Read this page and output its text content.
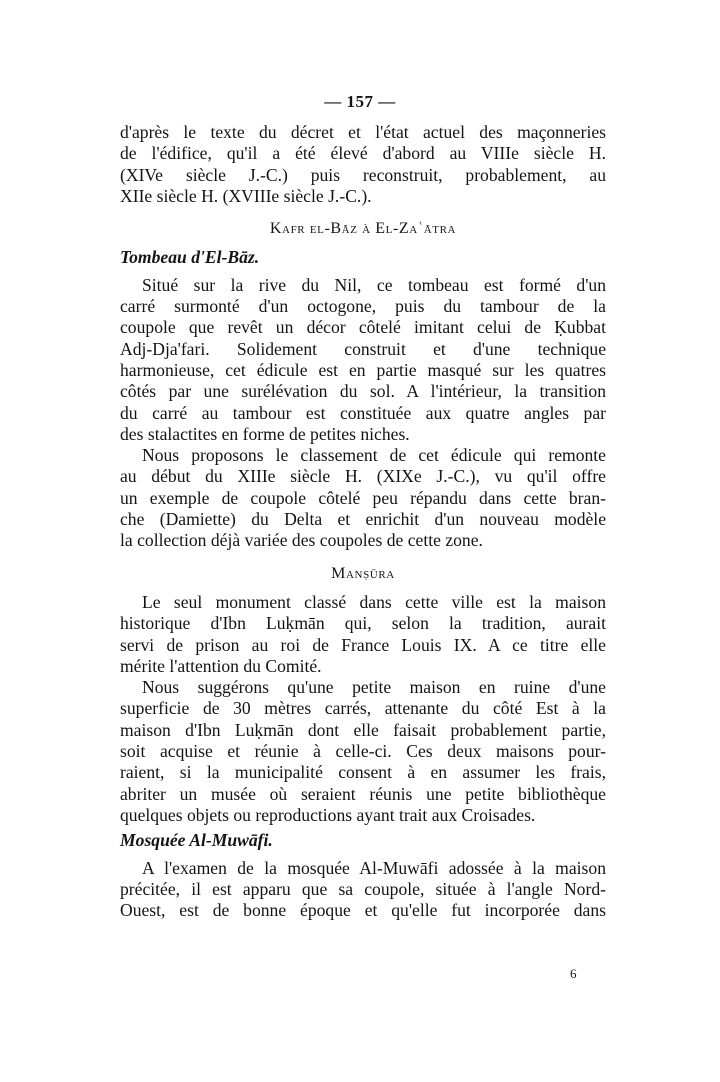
— 157 —

d'après le texte du décret et l'état actuel des maçonneries

de l'édifice, qu'il a été élevé d'abord au VIIIe siècle H.

(XIVe siècle J.-C.) puis reconstruit, probablement, au

XIIe siècle H. (XVIIIe siècle J.-C.).

Kafr el-Bāz à El-Zaʿātra

Tombeau d'El-Bāz.

Situé sur la rive du Nil, ce tombeau est formé d'un

carré surmonté d'un octogone, puis du tambour de la

coupole que revêt un décor côtelé imitant celui de Ḳubbat

Adj-Dja'fari. Solidement construit et d'une technique

harmonieuse, cet édicule est en partie masqué sur les quatres

côtés par une surélévation du sol. A l'intérieur, la transition

du carré au tambour est constituée aux quatre angles par

des stalactites en forme de petites niches.

Nous proposons le classement de cet édicule qui remonte

au début du XIIIe siècle H. (XIXe J.-C.), vu qu'il offre

un exemple de coupole côtelé peu répandu dans cette bran-

che (Damiette) du Delta et enrichit d'un nouveau modèle

la collection déjà variée des coupoles de cette zone.

Manṣūra

Le seul monument classé dans cette ville est la maison

historique d'Ibn Luḳmān qui, selon la tradition, aurait

servi de prison au roi de France Louis IX. A ce titre elle

mérite l'attention du Comité.

Nous suggérons qu'une petite maison en ruine d'une

superficie de 30 mètres carrés, attenante du côté Est à la

maison d'Ibn Luḳmān dont elle faisait probablement partie,

soit acquise et réunie à celle-ci. Ces deux maisons pour-

raient, si la municipalité consent à en assumer les frais,

abriter un musée où seraient réunis une petite bibliothèque

quelques objets ou reproductions ayant trait aux Croisades.

Mosquée Al-Muwāfi.

A l'examen de la mosquée Al-Muwāfi adossée à la maison

précitée, il est apparu que sa coupole, située à l'angle Nord-

Ouest, est de bonne époque et qu'elle fut incorporée dans

6
